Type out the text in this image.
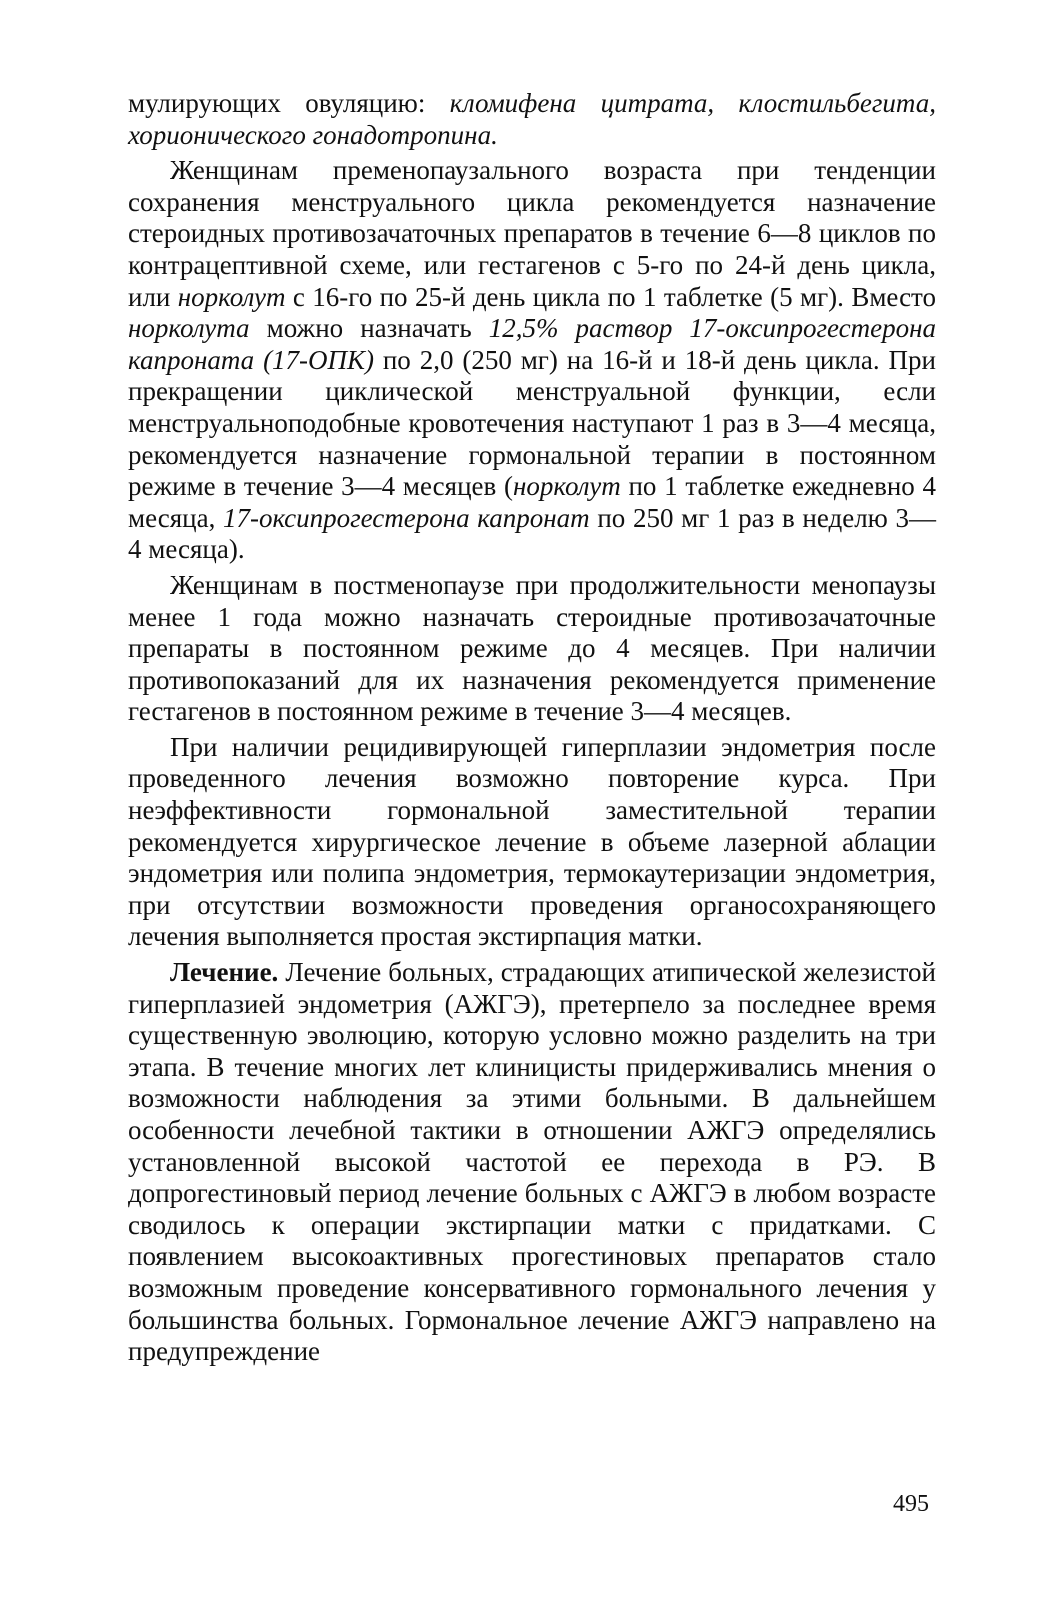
мулирующих овуляцию: кломифена цитрата, клостильбегита, хорионического гонадотропина.

Женщинам пременопаузального возраста при тенденции сохранения менструального цикла рекомендуется назначение стероидных противозачаточных препаратов в течение 6—8 циклов по контрацептивной схеме, или гестагенов с 5-го по 24-й день цикла, или норколут с 16-го по 25-й день цикла по 1 таблетке (5 мг). Вместо норколута можно назначать 12,5% раствор 17-оксипрогестерона капроната (17-ОПК) по 2,0 (250 мг) на 16-й и 18-й день цикла. При прекращении циклической менструальной функции, если менструальноподобные кровотечения наступают 1 раз в 3—4 месяца, рекомендуется назначение гормональной терапии в постоянном режиме в течение 3—4 месяцев (норколут по 1 таблетке ежедневно 4 месяца, 17-оксипрогестерона капронат по 250 мг 1 раз в неделю 3—4 месяца).

Женщинам в постменопаузе при продолжительности менопаузы менее 1 года можно назначать стероидные противозачаточные препараты в постоянном режиме до 4 месяцев. При наличии противопоказаний для их назначения рекомендуется применение гестагенов в постоянном режиме в течение 3—4 месяцев.

При наличии рецидивирующей гиперплазии эндометрия после проведенного лечения возможно повторение курса. При неэффективности гормональной заместительной терапии рекомендуется хирургическое лечение в объеме лазерной аблации эндометрия или полипа эндометрия, термокаутеризации эндометрия, при отсутствии возможности проведения органосохраняющего лечения выполняется простая экстирпация матки.

Лечение. Лечение больных, страдающих атипической железистой гиперплазией эндометрия (АЖГЭ), претерпело за последнее время существенную эволюцию, которую условно можно разделить на три этапа. В течение многих лет клиницисты придерживались мнения о возможности наблюдения за этими больными. В дальнейшем особенности лечебной тактики в отношении АЖГЭ определялись установленной высокой частотой ее перехода в РЭ. В допрогестиновый период лечение больных с АЖГЭ в любом возрасте сводилось к операции экстирпации матки с придатками. С появлением высокоактивных прогестиновых препаратов стало возможным проведение консервативного гормонального лечения у большинства больных. Гормональное лечение АЖГЭ направлено на предупреждение

495
